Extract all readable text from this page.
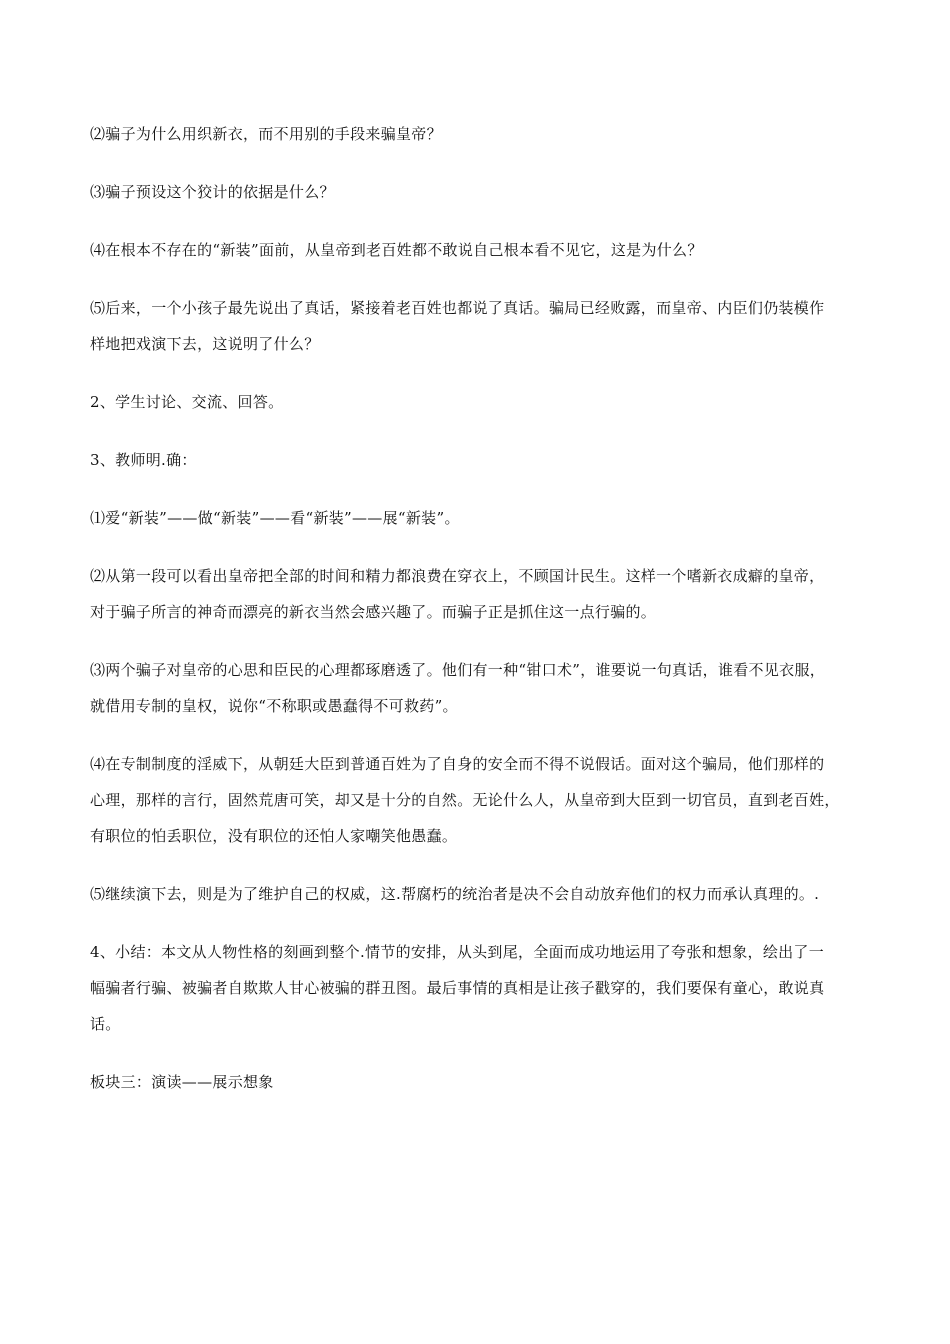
⑵骗子为什么用织新衣，而不用别的手段来骗皇帝？
⑶骗子预设这个狡计的依据是什么？
⑷在根本不存在的“新装”面前，从皇帝到老百姓都不敢说自己根本看不见它，这是为什么？
⑸后来，一个小孩子最先说出了真话，紧接着老百姓也都说了真话。骗局已经败露，而皇帝、内臣们仍装模作
样地把戏演下去，这说明了什么？
2、学生讨论、交流、回答。
3、教师明.确：
⑴爱“新装”——做“新装”——看“新装”——展“新装”。
⑵从第一段可以看出皇帝把全部的时间和精力都浪费在穿衣上，不顾国计民生。这样一个嗜新衣成癖的皇帝，
对于骗子所言的神奇而漂亮的新衣当然会感兴趣了。而骗子正是抓住这一点行骗的。
⑶两个骗子对皇帝的心思和臣民的心理都琢磨透了。他们有一种“钳口术”，谁要说一句真话，谁看不见衣服，
就借用专制的皇权，说你“不称职或愚蠢得不可救药”。
⑷在专制制度的淫威下，从朝廷大臣到普通百姓为了自身的安全而不得不说假话。面对这个骗局，他们那样的
心理，那样的言行，固然荒唐可笑，却又是十分的自然。无论什么人，从皇帝到大臣到一切官员，直到老百姓，
有职位的怕丢职位，没有职位的还怕人家嘲笑他愚蠢。
⑸继续演下去，则是为了维护自己的权威，这.帮腐朽的统治者是决不会自动放弃他们的权力而承认真理的。.
4、小结：本文从人物性格的刻画到整个.情节的安排，从头到尾，全面而成功地运用了夸张和想象，绘出了一
幅骗者行骗、被骗者自欺欺人甘心被骗的群丑图。最后事情的真相是让孩子戳穿的，我们要保有童心，敢说真
话。
板块三：演读——展示想象
